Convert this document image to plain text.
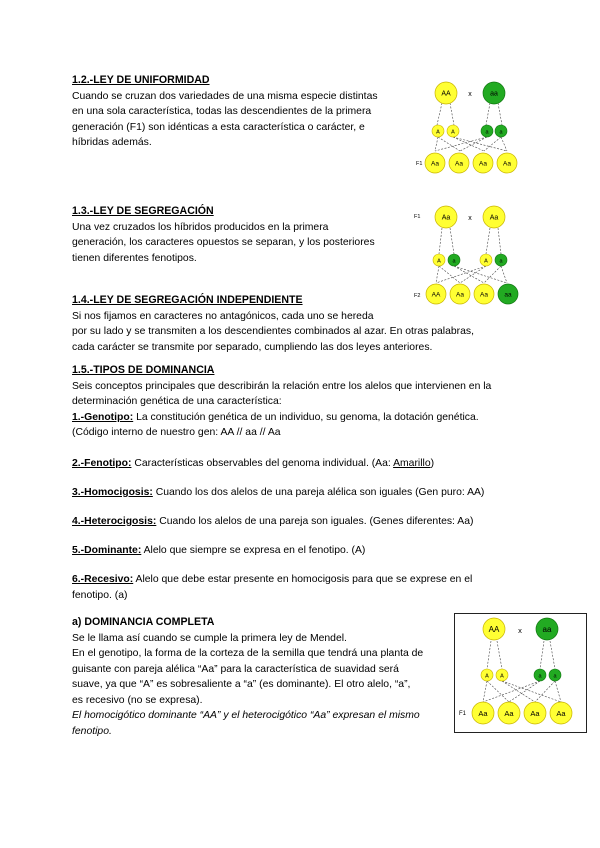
1.2.-LEY DE UNIFORMIDAD

Cuando se cruzan dos variedades de una misma especie distintas

en una sola característica, todas las descendientes de la primera

generación (F1) son idénticas a esta característica o carácter, e

híbridas además.

1.3.-LEY DE SEGREGACIÓN

Una vez cruzados los híbridos producidos en la primera

generación, los caracteres opuestos se separan, y los posteriores

tienen diferentes fenotipos.

1.4.-LEY DE SEGREGACIÓN INDEPENDIENTE

Si nos fijamos en caracteres no antagónicos, cada uno se hereda

por su lado y se transmiten a los descendientes combinados al azar. En otras palabras,

cada carácter se transmite por separado, cumpliendo las dos leyes anteriores.

1.5.-TIPOS DE DOMINANCIA

Seis conceptos principales que describirán la relación entre los alelos que intervienen en la

determinación genética de una característica:

1.-Genotipo: La constitución genética de un individuo, su genoma, la dotación genética.

(Código interno de nuestro gen: AA // aa // Aa

2.-Fenotipo: Características observables del genoma individual. (Aa: Amarillo)

3.-Homocigosis: Cuando los dos alelos de una pareja alélica son iguales (Gen puro: AA)

4.-Heterocigosis: Cuando los alelos de una pareja son iguales. (Genes diferentes: Aa)

5.-Dominante: Alelo que siempre se expresa en el fenotipo. (A)

6.-Recesivo: Alelo que debe estar presente en homocigosis para que se exprese en el

fenotipo. (a)

a) DOMINANCIA COMPLETA

Se le llama así cuando se cumple la primera ley de Mendel.

En el genotipo, la forma de la corteza de la semilla que tendrá una planta de

guisante con pareja alélica “Aa” para la característica de suavidad será

suave, ya que “A” es sobresaliente a “a” (es dominante). El otro alelo, “a”,

es recesivo (no se expresa).

El homocigótico dominante “AA” y el heterocigótico “Aa” expresan el mismo

fenotipo.

AA	aa
x
A A	a a
F1 Aa Aa Aa Aa
F1	Aa	Aa
x
A a	A a
F2 AA Aa Aa	aa
AA	aa
x
A A	a a
F1 Aa Aa Aa Aa
